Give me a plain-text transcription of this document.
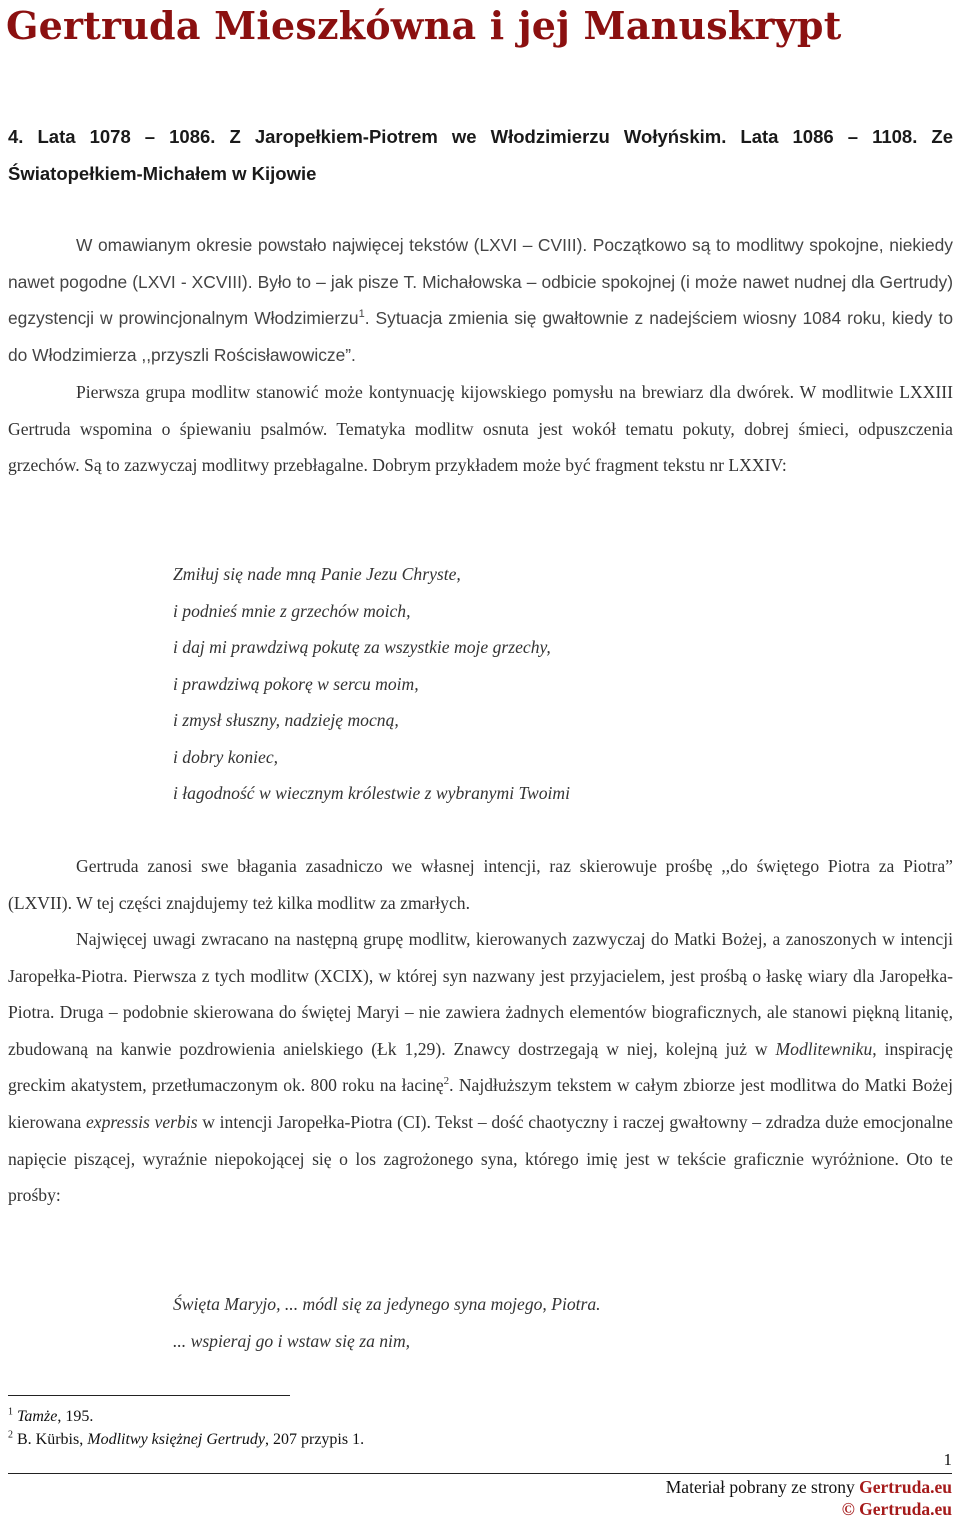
Gertruda Mieszkówna i jej Manuskrypt
4. Lata 1078 – 1086. Z Jaropełkiem-Piotrem we Włodzimierzu Wołyńskim. Lata 1086 – 1108. Ze Światopełkiem-Michałem w Kijowie

W omawianym okresie powstało najwięcej tekstów (LXVI – CVIII). Początkowo są to modlitwy spokojne, niekiedy nawet pogodne (LXVI - XCVIII). Było to – jak pisze T. Michałowska – odbicie spokojnej (i może nawet nudnej dla Gertrudy) egzystencji w prowincjonalnym Włodzimierzu$^1$. Sytuacja zmienia się gwałtownie z nadejściem wiosny 1084 roku, kiedy to do Włodzimierza ,,przyszli Rościsławowicze”.

Pierwsza grupa modlitw stanowić może kontynuację kijowskiego pomysłu na brewiarz dla dwórek. W modlitwie LXXIII Gertruda wspomina o śpiewaniu psalmów. Tematyka modlitw osnuta jest wokół tematu pokuty, dobrej śmieci, odpuszczenia grzechów. Są to zazwyczaj modlitwy przebłagalne. Dobrym przykładem może być fragment tekstu nr LXXIV:

Zmiłuj się nade mną Panie Jezu Chryste,
i podnieś mnie z grzechów moich,
i daj mi prawdziwą pokutę za wszystkie moje grzechy,
i prawdziwą pokorę w sercu moim,
i zmysł słuszny, nadzieję mocną,
i dobry koniec,
i łagodność w wiecznym królestwie z wybranymi Twoimi

Gertruda zanosi swe błagania zasadniczo we własnej intencji, raz skierowuje prośbę ,,do świętego Piotra za Piotra” (LXVII). W tej części znajdujemy też kilka modlitw za zmarłych.

Najwięcej uwagi zwracano na następną grupę modlitw, kierowanych zazwyczaj do Matki Bożej, a zanoszonych w intencji Jaropełka-Piotra. Pierwsza z tych modlitw (XCIX), w której syn nazwany jest przyjacielem, jest prośbą o łaskę wiary dla Jaropełka-Piotra. Druga – podobnie skierowana do świętej Maryi – nie zawiera żadnych elementów biograficznych, ale stanowi piękną litanię, zbudowaną na kanwie pozdrowienia anielskiego (Łk 1,29). Znawcy dostrzegają w niej, kolejną już w Modlitewniku, inspirację greckim akatystem, przetłumaczonym ok. 800 roku na łacinę$^2$. Najdłuższym tekstem w całym zbiorze jest modlitwa do Matki Bożej kierowana expressis verbis w intencji Jaropełka-Piotra (CI). Tekst – dość chaotyczny i raczej gwałtowny – zdradza duże emocjonalne napięcie piszącej, wyraźnie niepokojącej się o los zagrożonego syna, którego imię jest w tekście graficznie wyróżnione. Oto te prośby:

Święta Maryjo, ... módl się za jedynego syna mojego, Piotra.
... wspieraj go i wstaw się za nim,
$^1$ Tamże, 195.
$^2$ B. Kürbis, Modlitwy księżnej Gertrudy, 207 przypis 1.
1
Materiał pobrany ze strony Gertruda.eu
© Gertruda.eu
